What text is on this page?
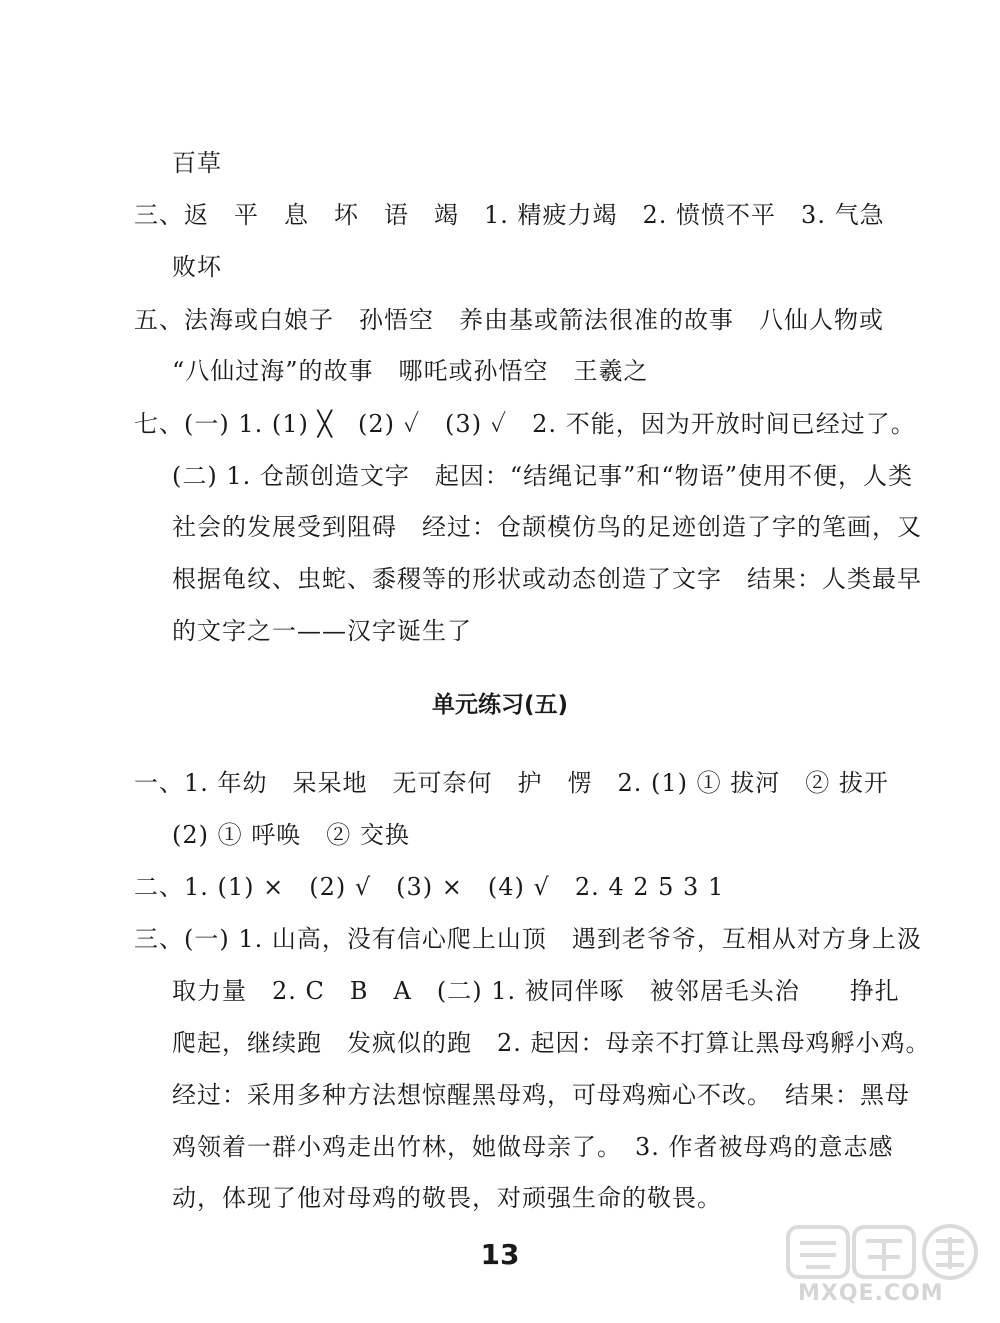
百草
三、返　平　息　坏　语　竭　1. 精疲力竭　2. 愤愤不平　3. 气急
败坏
五、法海或白娘子　孙悟空　养由基或箭法很准的故事　八仙人物或
“八仙过海”的故事　哪吒或孙悟空　王羲之
七、(一) 1. (1) ╳　(2) ✓　(3) ✓　2. 不能，因为开放时间已经过了。
(二) 1. 仓颉创造文字　起因：“结绳记事”和“物语”使用不便，人类
社会的发展受到阻碍　经过：仓颉模仿鸟的足迹创造了字的笔画，又
根据龟纹、虫蛇、黍稷等的形状或动态创造了文字　结果：人类最早
的文字之一——汉字诞生了
单元练习(五)
一、1. 年幼　呆呆地　无可奈何　护　愣　2. (1) ① 拔河　② 拔开
(2) ① 呼唤　② 交换
二、1. (1) ×　(2) √　(3) ×　(4) √　2. 4 2 5 3 1
三、(一) 1. 山高，没有信心爬上山顶　遇到老爷爷，互相从对方身上汲
取力量　2. C　B　A　(二) 1. 被同伴啄　被邻居毛头治　　挣扎
爬起，继续跑　发疯似的跑　2. 起因：母亲不打算让黑母鸡孵小鸡。
经过：采用多种方法想惊醒黑母鸡，可母鸡痴心不改。　结果：黑母
鸡领着一群小鸡走出竹林，她做母亲了。　3. 作者被母鸡的意志感
动，体现了他对母鸡的敬畏，对顽强生命的敬畏。
13
MXQE.COM
